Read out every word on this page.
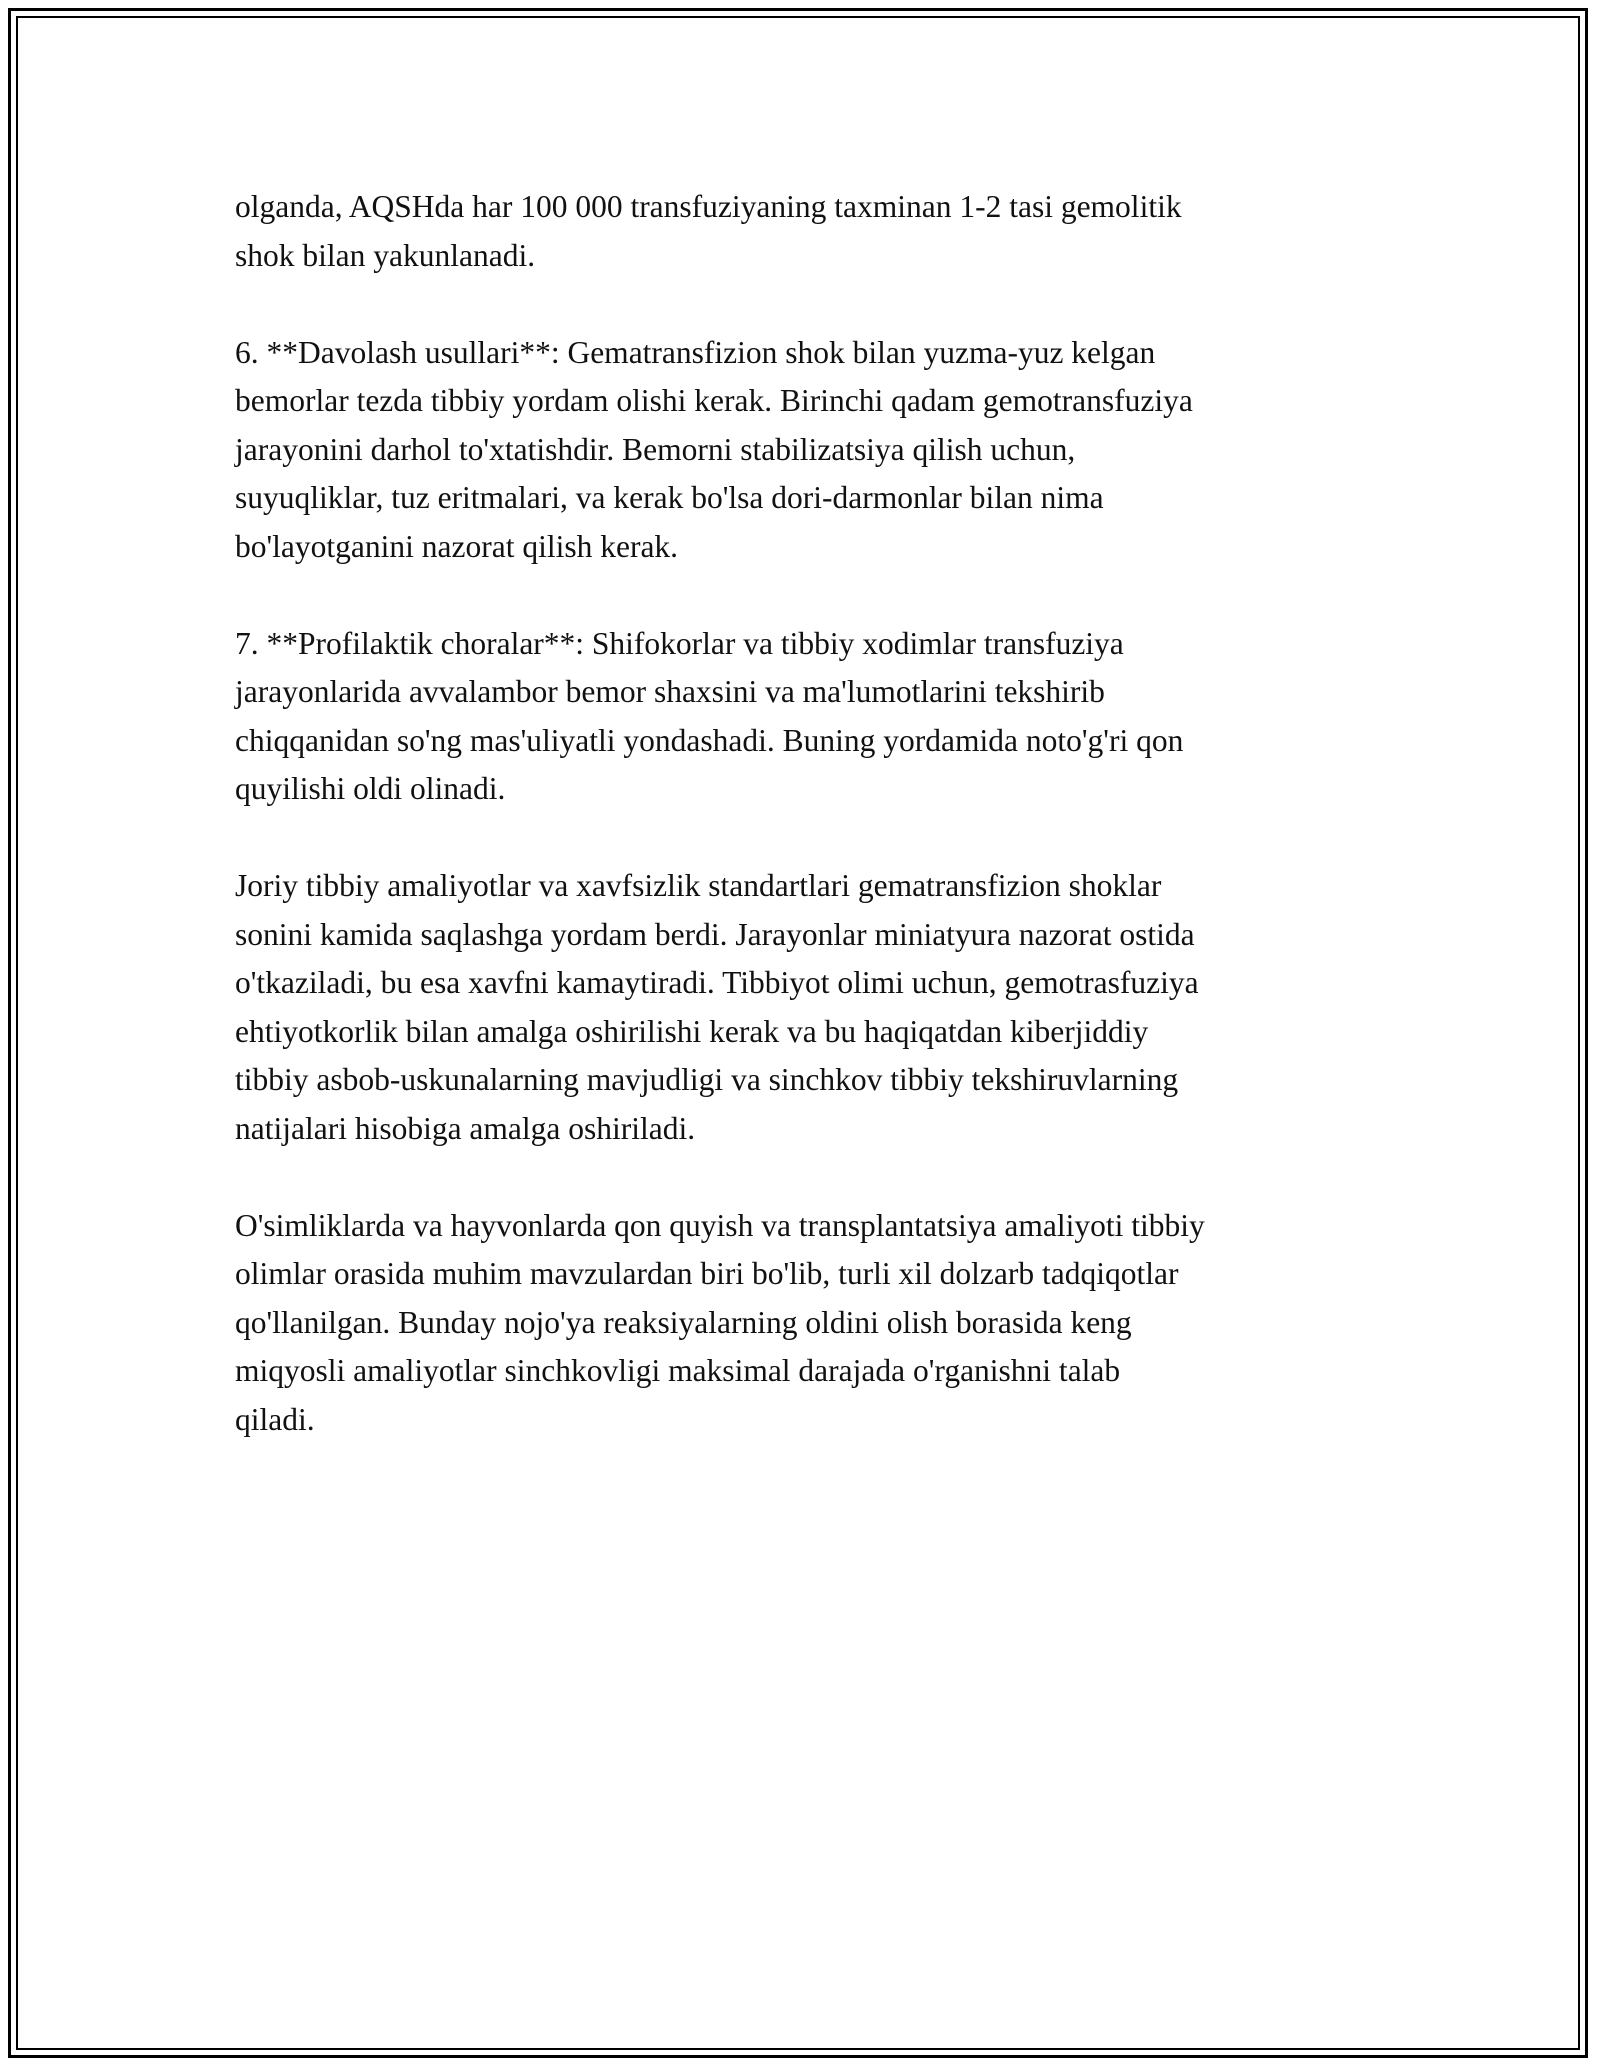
olganda, AQSHda har 100 000 transfuziyaning taxminan 1-2 tasi gemolitik
shok bilan yakunlanadi.

6. **Davolash usullari**: Gematransfizion shok bilan yuzma-yuz kelgan
bemorlar tezda tibbiy yordam olishi kerak. Birinchi qadam gemotransfuziya
jarayonini darhol to'xtatishdir. Bemorni stabilizatsiya qilish uchun,
suyuqliklar, tuz eritmalari, va kerak bo'lsa dori-darmonlar bilan nima
bo'layotganini nazorat qilish kerak.

7. **Profilaktik choralar**: Shifokorlar va tibbiy xodimlar transfuziya
jarayonlarida avvalambor bemor shaxsini va ma'lumotlarini tekshirib
chiqqanidan so'ng mas'uliyatli yondashadi. Buning yordamida noto'g'ri qon
quyilishi oldi olinadi.

Joriy tibbiy amaliyotlar va xavfsizlik standartlari gematransfizion shoklar
sonini kamida saqlashga yordam berdi. Jarayonlar miniatyura nazorat ostida
o'tkaziladi, bu esa xavfni kamaytiradi. Tibbiyot olimi uchun, gemotrasfuziya
ehtiyotkorlik bilan amalga oshirilishi kerak va bu haqiqatdan kiberjiddiy
tibbiy asbob-uskunalarning mavjudligi va sinchkov tibbiy tekshiruvlarning
natijalari hisobiga amalga oshiriladi.

O'simliklarda va hayvonlarda qon quyish va transplantatsiya amaliyoti tibbiy
olimlar orasida muhim mavzulardan biri bo'lib, turli xil dolzarb tadqiqotlar
qo'llanilgan. Bunday nojo'ya reaksiyalarning oldini olish borasida keng
miqyosli amaliyotlar sinchkovligi maksimal darajada o'rganishni talab
qiladi.
